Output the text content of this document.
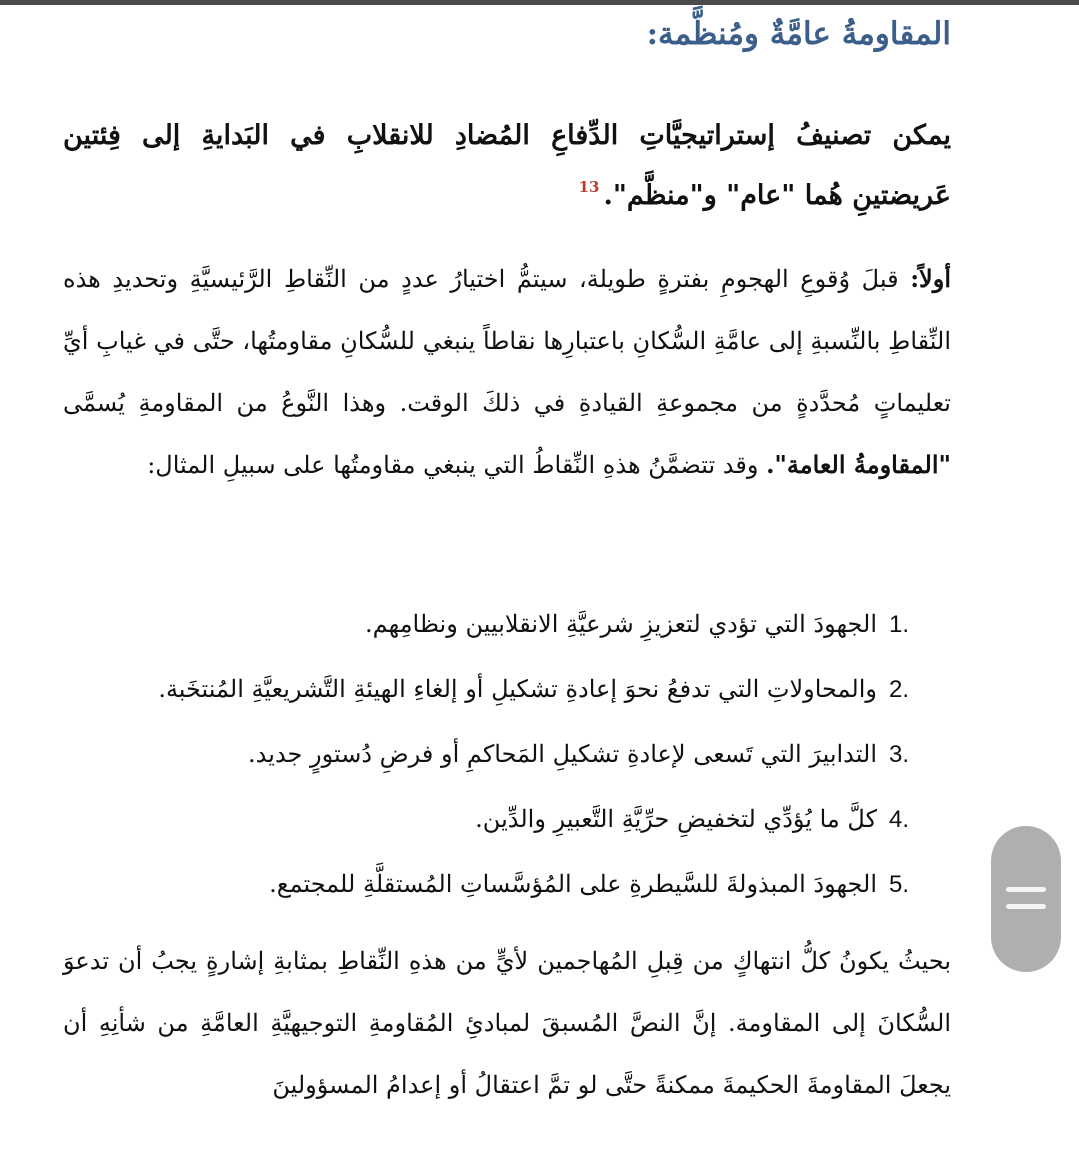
المقاومةُ عامَّةٌ ومُنظَّمة:

يمكن تصنيفُ إستراتيجيَّاتِ الدِّفاعِ المُضادِ للانقلابِ في البَدايةِ إلى فِئتين عَريضتينِ هُما "عام" و"منظَّم".$^{13}$

أولاً: قبلَ وُقوعِ الهجومِ بفترةٍ طويلة، سيتمُّ اختيارُ عددٍ من النِّقاطِ الرَّئيسيَّةِ وتحديدِ هذه النِّقاطِ بالنِّسبةِ إلى عامَّةِ السُّكانِ باعتبارِها نقاطاً ينبغي للسُّكانِ مقاومتُها، حتَّى في غيابِ أيِّ تعليماتٍ مُحدَّدةٍ من مجموعةِ القيادةِ في ذلكَ الوقت. وهذا النَّوعُ من المقاومةِ يُسمَّى "المقاومةُ العامة". وقد تتضمَّنُ هذهِ النِّقاطُ التي ينبغي مقاومتُها على سبيلِ المثال:

1.الجهودَ التي تؤدي لتعزيزِ شرعيَّةِ الانقلابيين ونظامِهم.
2.والمحاولاتِ التي تدفعُ نحوَ إعادةِ تشكيلِ أو إلغاءِ الهيئةِ التَّشريعيَّةِ المُنتخَبة.
3.التدابيرَ التي تَسعى لإعادةِ تشكيلِ المَحاكمِ أو فرضِ دُستورٍ جديد.
4.كلَّ ما يُؤدِّي لتخفيضِ حرِّيَّةِ التَّعبيرِ والدِّين.
5.الجهودَ المبذولةَ للسَّيطرةِ على المُؤسَّساتِ المُستقلَّةِ للمجتمع.

بحيثُ يكونُ كلُّ انتهاكٍ من قِبلِ المُهاجمين لأيٍّ من هذهِ النِّقاطِ بمثابةِ إشارةٍ يجبُ أن تدعوَ السُّكانَ إلى المقاومة. إنَّ النصَّ المُسبقَ لمبادئِ المُقاومةِ التوجيهيَّةِ العامَّةِ من شأنِهِ أن يجعلَ المقاومةَ الحكيمةَ ممكنةً حتَّى لو تمَّ اعتقالُ أو إعدامُ المسؤولينَ
